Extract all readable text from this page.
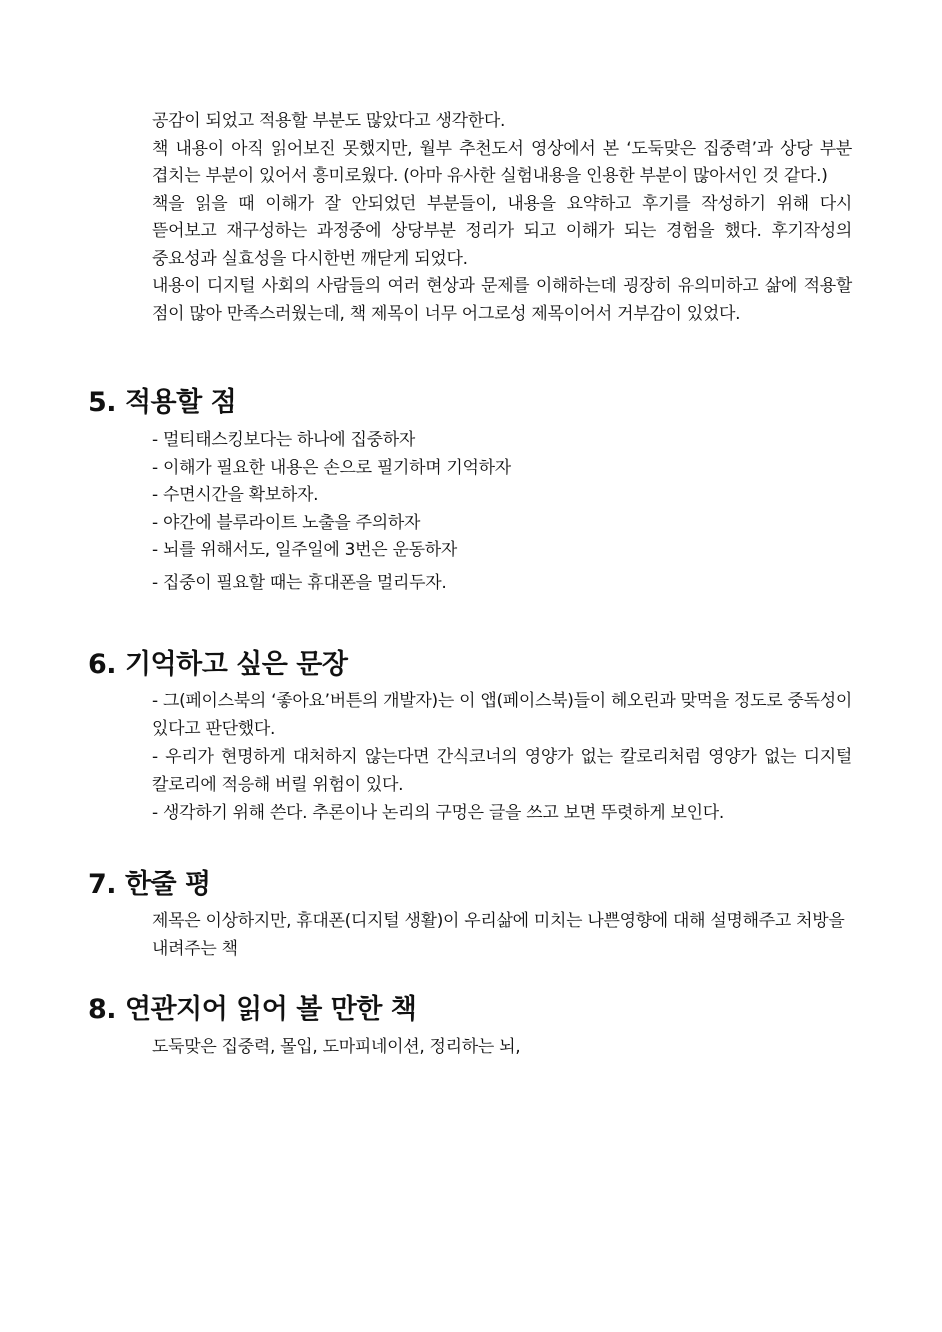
공감이 되었고 적용할 부분도 많았다고 생각한다.

책 내용이 아직 읽어보진 못했지만, 월부 추천도서 영상에서 본 ‘도둑맞은 집중력’과 상당 부분 겹치는 부분이 있어서 흥미로웠다. (아마 유사한 실험내용을 인용한 부분이 많아서인 것 같다.)

책을 읽을 때 이해가 잘 안되었던 부분들이, 내용을 요약하고 후기를 작성하기 위해 다시 뜯어보고 재구성하는 과정중에 상당부분 정리가 되고 이해가 되는 경험을 했다. 후기작성의 중요성과 실효성을 다시한번 깨닫게 되었다.

내용이 디지털 사회의 사람들의 여러 현상과 문제를 이해하는데 굉장히 유의미하고 삶에 적용할 점이 많아 만족스러웠는데, 책 제목이 너무 어그로성 제목이어서 거부감이 있었다.

5. 적용할 점
- 멀티태스킹보다는 하나에 집중하자
- 이해가 필요한 내용은 손으로 필기하며 기억하자
- 수면시간을 확보하자.
- 야간에 블루라이트 노출을 주의하자
- 뇌를 위해서도, 일주일에 3번은 운동하자
- 집중이 필요할 때는 휴대폰을 멀리두자.
6. 기억하고 싶은 문장
- 그(페이스북의 ‘좋아요’버튼의 개발자)는 이 앱(페이스북)들이 헤오린과 맞먹을 정도로 중독성이 있다고 판단했다.
- 우리가 현명하게 대처하지 않는다면 간식코너의 영양가 없는 칼로리처럼 영양가 없는 디지털 칼로리에 적응해 버릴 위험이 있다.
- 생각하기 위해 쓴다. 추론이나 논리의 구멍은 글을 쓰고 보면 뚜렷하게 보인다.
7. 한줄 평
제목은 이상하지만, 휴대폰(디지털 생활)이 우리삶에 미치는 나쁜영향에 대해 설명해주고 처방을 내려주는 책
8. 연관지어 읽어 볼 만한 책
도둑맞은 집중력, 몰입, 도마피네이션, 정리하는 뇌,
